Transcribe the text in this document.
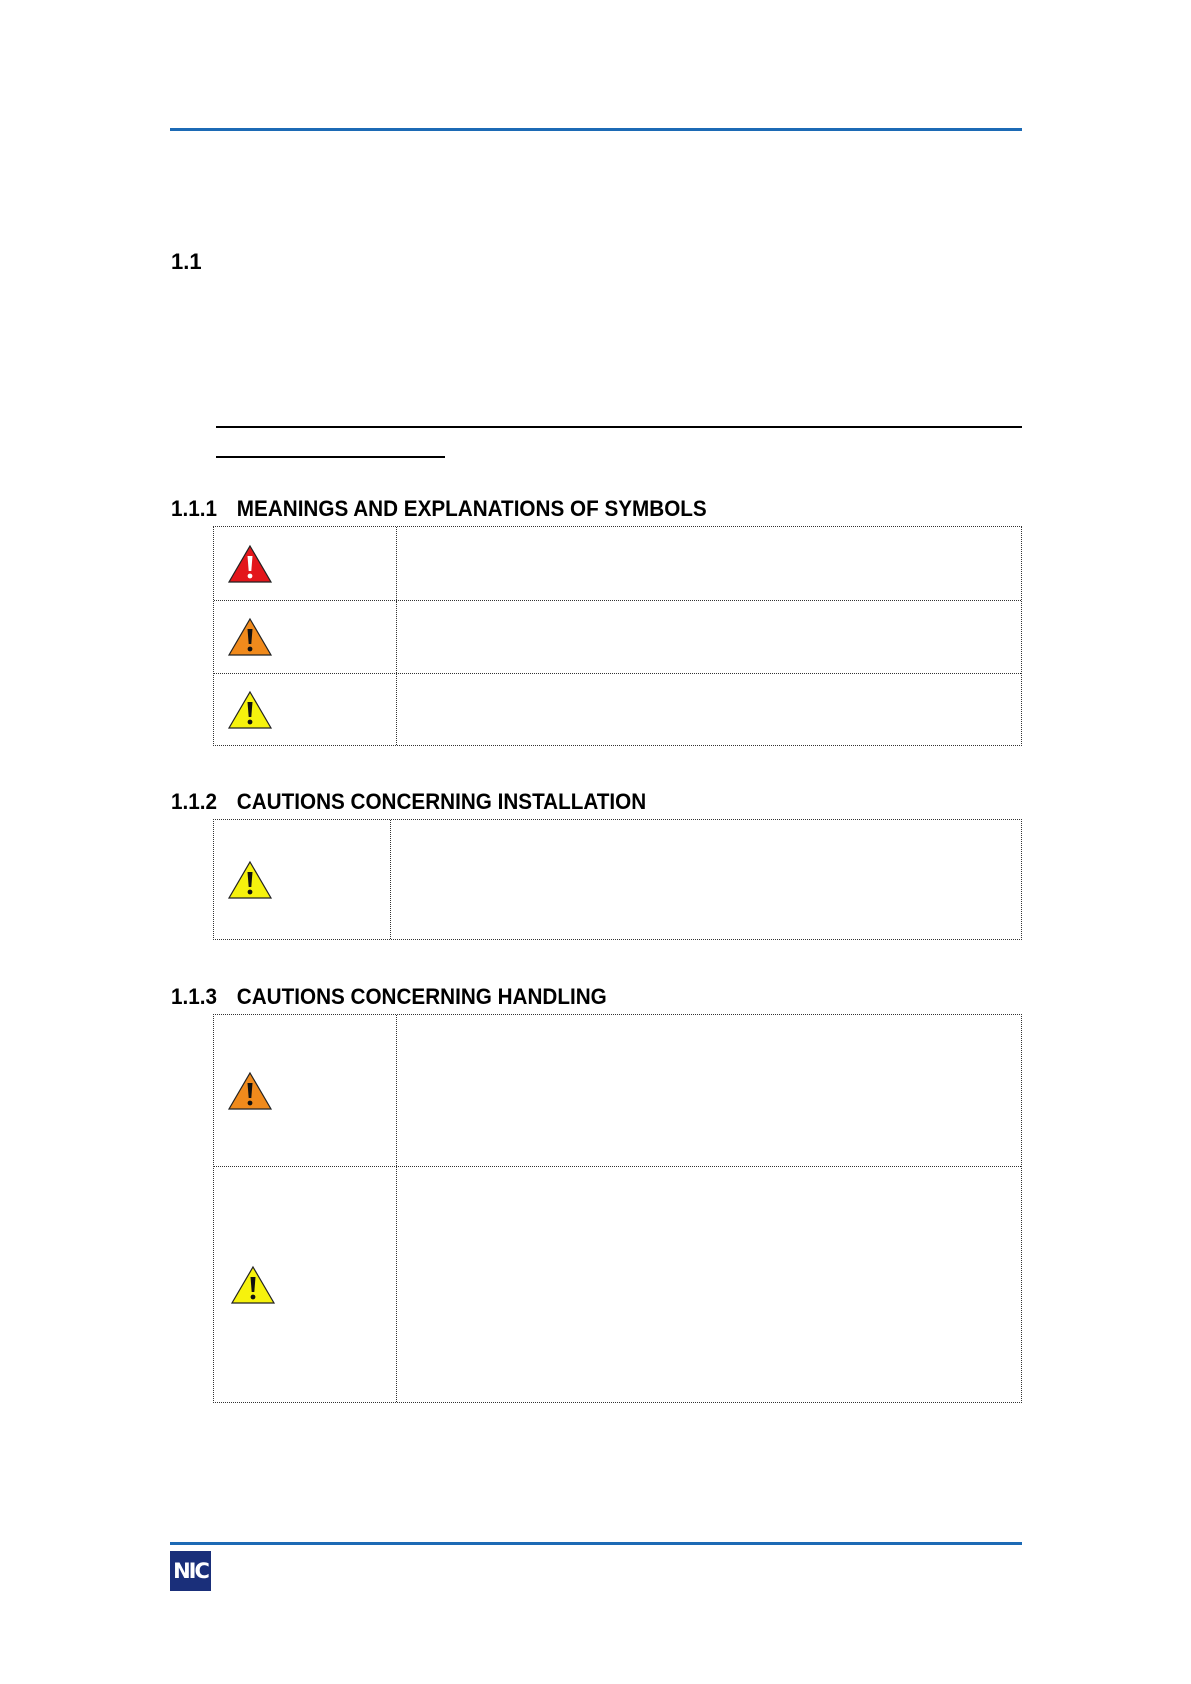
1.1
1.1.1 MEANINGS AND EXPLANATIONS OF SYMBOLS
1.1.2 CAUTIONS CONCERNING INSTALLATION
1.1.3 CAUTIONS CONCERNING HANDLING
NIC
